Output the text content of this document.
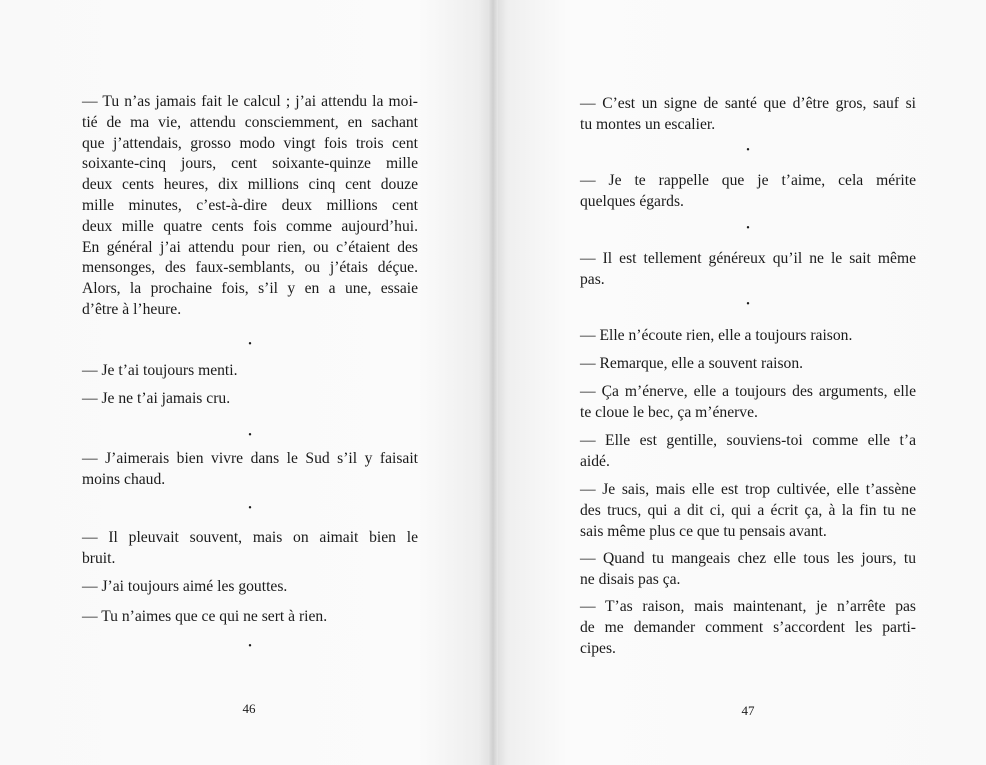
— Tu n’as jamais fait le calcul ; j’ai attendu la moi-
tié de ma vie, attendu consciemment, en sachant
que j’attendais, grosso modo vingt fois trois cent
soixante-cinq jours, cent soixante-quinze mille
deux cents heures, dix millions cinq cent douze
mille minutes, c’est-à-dire deux millions cent
deux mille quatre cents fois comme aujourd’hui.
En général j’ai attendu pour rien, ou c’étaient des
mensonges, des faux-semblants, ou j’étais déçue.
Alors, la prochaine fois, s’il y en a une, essaie
d’être à l’heure.
•
— Je t’ai toujours menti.
— Je ne t’ai jamais cru.
•
— J’aimerais bien vivre dans le Sud s’il y faisait
moins chaud.
•
— Il pleuvait souvent, mais on aimait bien le
bruit.
— J’ai toujours aimé les gouttes.
— Tu n’aimes que ce qui ne sert à rien.
•
46
— C’est un signe de santé que d’être gros, sauf si
tu montes un escalier.
•
— Je te rappelle que je t’aime, cela mérite
quelques égards.
•
— Il est tellement généreux qu’il ne le sait même
pas.
•
— Elle n’écoute rien, elle a toujours raison.
— Remarque, elle a souvent raison.
— Ça m’énerve, elle a toujours des arguments, elle
te cloue le bec, ça m’énerve.
— Elle est gentille, souviens-toi comme elle t’a
aidé.
— Je sais, mais elle est trop cultivée, elle t’assène
des trucs, qui a dit ci, qui a écrit ça, à la fin tu ne
sais même plus ce que tu pensais avant.
— Quand tu mangeais chez elle tous les jours, tu
ne disais pas ça.
— T’as raison, mais maintenant, je n’arrête pas
de me demander comment s’accordent les parti-
cipes.
47
